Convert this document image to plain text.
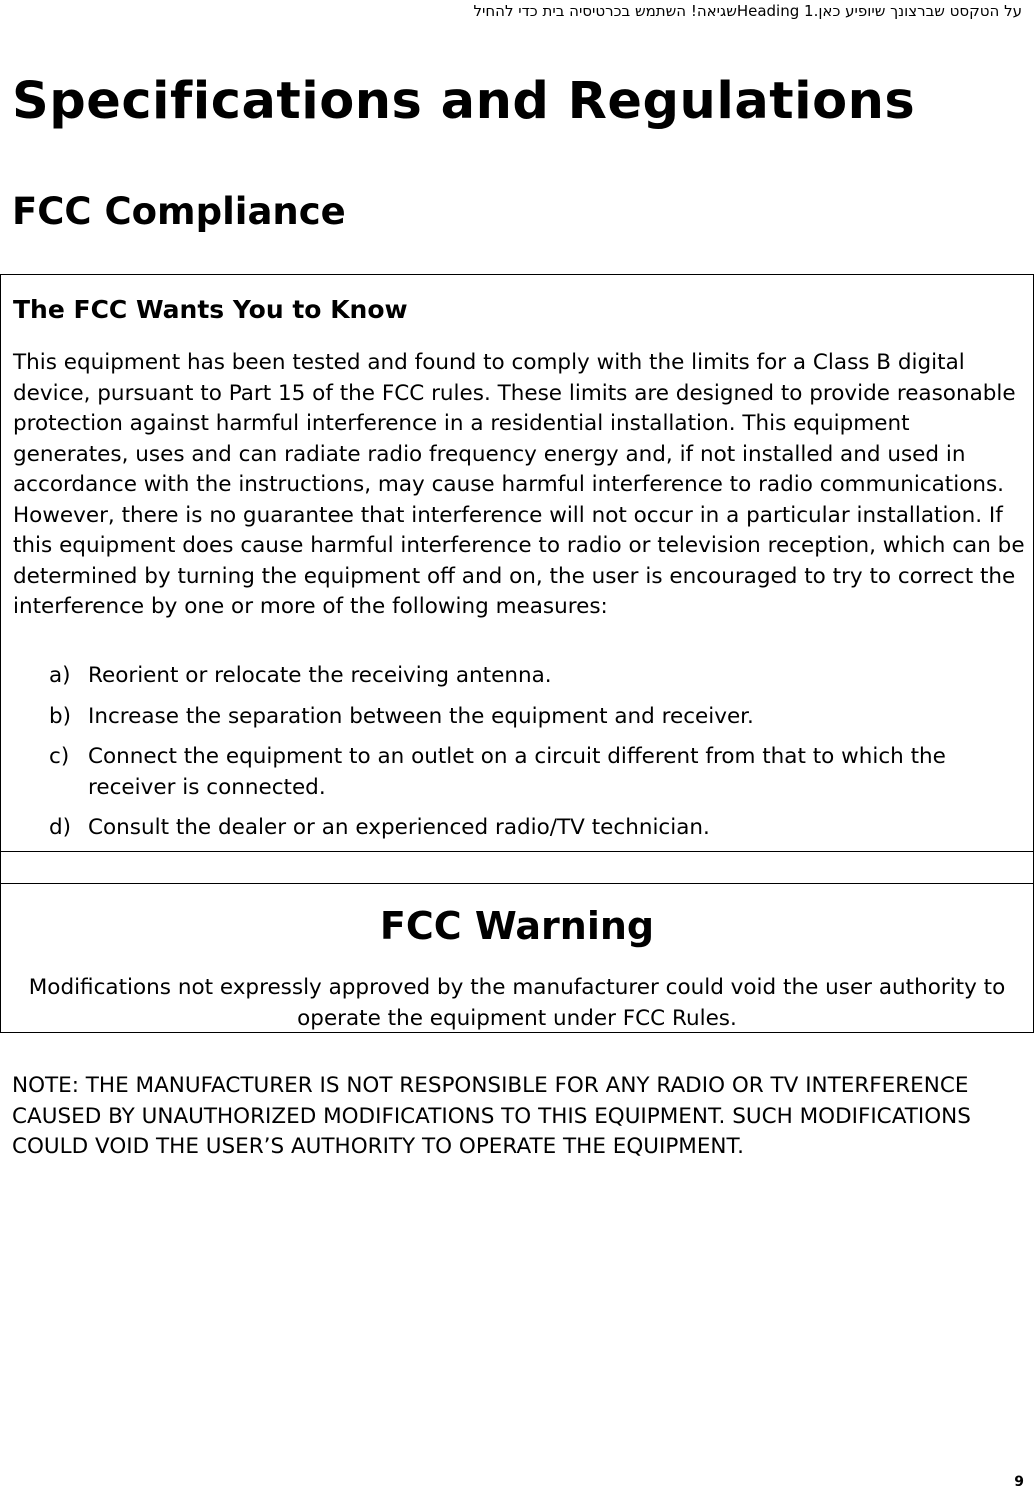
על הטקסט שברצונך שיופיע כאן.Heading 1שגיאה! השתמש בכרטיסיה בית כדי להחיל
Specifications and Regulations
FCC Compliance
The FCC Wants You to Know

This equipment has been tested and found to comply with the limits for a Class B digital device, pursuant to Part 15 of the FCC rules. These limits are designed to provide reasonable protection against harmful interference in a residential installation. This equipment generates, uses and can radiate radio frequency energy and, if not installed and used in accordance with the instructions, may cause harmful interference to radio communications. However, there is no guarantee that interference will not occur in a particular installation. If this equipment does cause harmful interference to radio or television reception, which can be determined by turning the equipment off and on, the user is encouraged to try to correct the interference by one or more of the following measures:

a) Reorient or relocate the receiving antenna.
b) Increase the separation between the equipment and receiver.
c) Connect the equipment to an outlet on a circuit different from that to which the receiver is connected.
d) Consult the dealer or an experienced radio/TV technician.
FCC Warning

Modifications not expressly approved by the manufacturer could void the user authority to operate the equipment under FCC Rules.

NOTE: THE MANUFACTURER IS NOT RESPONSIBLE FOR ANY RADIO OR TV INTERFERENCE CAUSED BY UNAUTHORIZED MODIFICATIONS TO THIS EQUIPMENT. SUCH MODIFICATIONS COULD VOID THE USER’S AUTHORITY TO OPERATE THE EQUIPMENT.

9
